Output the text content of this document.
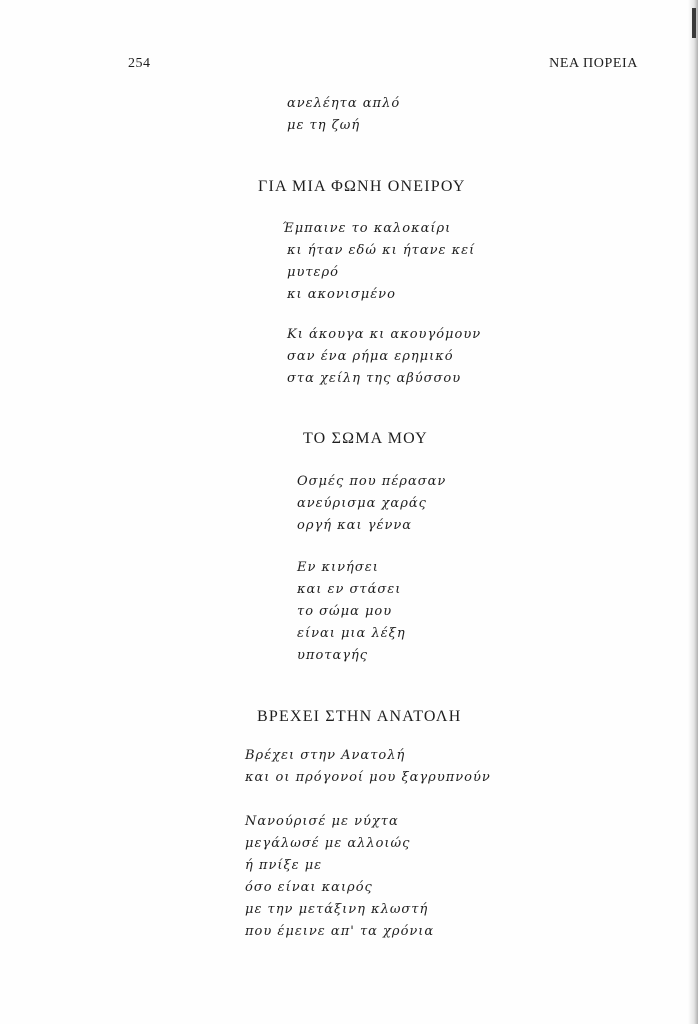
254	ΝΕΑ ΠΟΡΕΙΑ
ανελέητα απλό
με τη ζωή
ΓΙΑ ΜΙΑ ΦΩΝΗ ΟΝΕΙΡΟΥ
Έμπαινε το καλοκαίρι
κι ήταν εδώ κι ήτανε κεί
μυτερό
κι ακονισμένο
Κι άκουγα κι ακουγόμουν
σαν ένα ρήμα ερημικό
στα χείλη της αβύσσου
ΤΟ ΣΩΜΑ ΜΟΥ
Οσμές που πέρασαν
ανεύρισμα χαράς
οργή και γέννα
Εν κινήσει
και εν στάσει
το σώμα μου
είναι μια λέξη
υποταγής
ΒΡΕΧΕΙ ΣΤΗΝ ΑΝΑΤΟΛΗ
Βρέχει στην Ανατολή
και οι πρόγονοί μου ξαγρυπνούν
Νανούρισέ με νύχτα
μεγάλωσέ με αλλοιώς
ή πνίξε με
όσο είναι καιρός
με την μετάξινη κλωστή
που έμεινε απ' τα χρόνια
